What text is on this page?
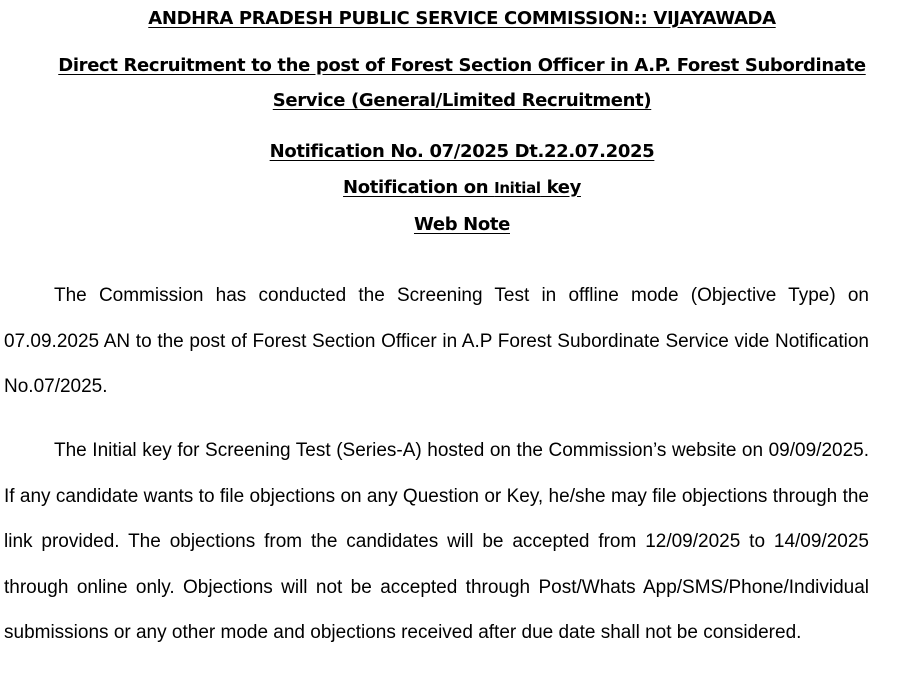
ANDHRA PRADESH PUBLIC SERVICE COMMISSION:: VIJAYAWADA
Direct Recruitment to the post of Forest Section Officer in A.P. Forest Subordinate
Service (General/Limited Recruitment)
Notification No. 07/2025 Dt.22.07.2025
Notification on Initial key
Web Note

The Commission has conducted the Screening Test in offline mode (Objective Type) on 07.09.2025 AN to the post of Forest Section Officer in A.P Forest Subordinate Service vide Notification No.07/2025.

The Initial key for Screening Test (Series-A) hosted on the Commission’s website on 09/09/2025. If any candidate wants to file objections on any Question or Key, he/she may file objections through the link provided. The objections from the candidates will be accepted from 12/09/2025 to 14/09/2025 through online only. Objections will not be accepted through Post/Whats App/SMS/Phone/Individual submissions or any other mode and objections received after due date shall not be considered.
